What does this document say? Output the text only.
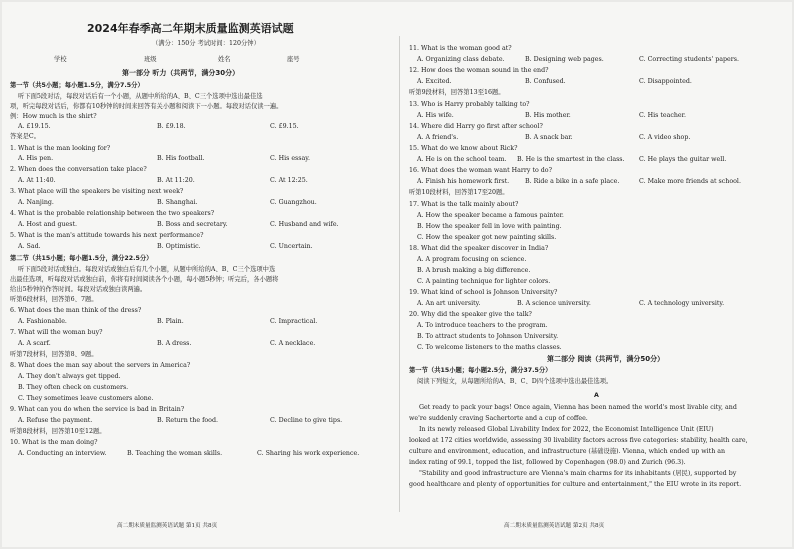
2024年春季高二年期末质量监测英语试题
（满分：150分 考试时间：120分钟）
学校	班级	姓名	座号
第一部分 听力（共两节，满分30分）
第一节（共5小题；每小题1.5分，满分7.5分）
听下面5段对话，每段对话后有一个小题，从题中所给的A、B、C三个选项中选出最佳选
项，听完每段对话后，你都有10秒钟的时间来回答有关小题和阅读下一小题。每段对话仅读一遍。
例：How much is the shirt?
A. £19.15.	B. £9.18.	C. £9.15.
答案是C。
1. What is the man looking for?
A. His pen.	B. His football.	C. His essay.
2. When does the conversation take place?
A. At 11:40.	B. At 11:20.	C. At 12:25.
3. What place will the speakers be visiting next week?
A. Nanjing.	B. Shanghai.	C. Guangzhou.
4. What is the probable relationship between the two speakers?
A. Host and guest.	B. Boss and secretary.	C. Husband and wife.
5. What is the man's attitude towards his next performance?
A. Sad.	B. Optimistic.	C. Uncertain.
第二节（共15小题；每小题1.5分，满分22.5分）
听下面5段对话或独白。每段对话或独白后有几个小题，从题中所给的A、B、C三个选项中选
出最佳选项，听每段对话或独白前，你将有时间阅读各个小题，每小题5秒钟；听完后，各小题将
给出5秒钟的作答时间。每段对话或独白读两遍。
听第6段材料，回答第6、7题。
6. What does the man think of the dress?
A. Fashionable.	B. Plain.	C. Impractical.
7. What will the woman buy?
A. A scarf.	B. A dress.	C. A necklace.
听第7段材料，回答第8、9题。
8. What does the man say about the servers in America?
A. They don't always get tipped.
B. They often check on customers.
C. They sometimes leave customers alone.
9. What can you do when the service is bad in Britain?
A. Refuse the payment.	B. Return the food.	C. Decline to give tips.
听第8段材料，回答第10至12题。
10. What is the man doing?
A. Conducting an interview.	B. Teaching the woman skills.	C. Sharing his work experience.
高二期末质量监测英语试题 第1页 共8页
11. What is the woman good at?
A. Organizing class debate.	B. Designing web pages.	C. Correcting students' papers.
12. How does the woman sound in the end?
A. Excited.	B. Confused.	C. Disappointed.
听第9段材料，回答第13至16题。
13. Who is Harry probably talking to?
A. His wife.	B. His mother.	C. His teacher.
14. Where did Harry go first after school?
A. A friend's.	B. A snack bar.	C. A video shop.
15. What do we know about Rick?
A. He is on the school team. B. He is the smartest in the class. C. He plays the guitar well.
16. What does the woman want Harry to do?
A. Finish his homework first.	B. Ride a bike in a safe place.	C. Make more friends at school.
听第10段材料，回答第17至20题。
17. What is the talk mainly about?
A. How the speaker became a famous painter.
B. How the speaker fell in love with painting.
C. How the speaker got new painting skills.
18. What did the speaker discover in India?
A. A program focusing on science.
B. A brush making a big difference.
C. A painting technique for lighter colors.
19. What kind of school is Johnson University?
A. An art university.	B. A science university.	C. A technology university.
20. Why did the speaker give the talk?
A. To introduce teachers to the program.
B. To attract students to Johnson University.
C. To welcome listeners to the maths classes.
第二部分 阅读（共两节，满分50分）
第一节（共15小题；每小题2.5分，满分37.5分）
阅读下列短文，从每题所给的A、B、C、D四个选项中选出最佳选项。
A
Get ready to pack your bags! Once again, Vienna has been named the world's most livable city, and
we're suddenly craving Sachertorte and a cup of coffee.
In its newly released Global Livability Index for 2022, the Economist Intelligence Unit (EIU)
looked at 172 cities worldwide, assessing 30 livability factors across five categories: stability, health care,
culture and environment, education, and infrastructure (基础设施). Vienna, which ended up with an
index rating of 99.1, topped the list, followed by Copenhagen (98.0) and Zurich (96.3).
"Stability and good infrastructure are Vienna's main charms for its inhabitants (居民), supported by
good healthcare and plenty of opportunities for culture and entertainment," the EIU wrote in its report.
高二期末质量监测英语试题 第2页 共8页
